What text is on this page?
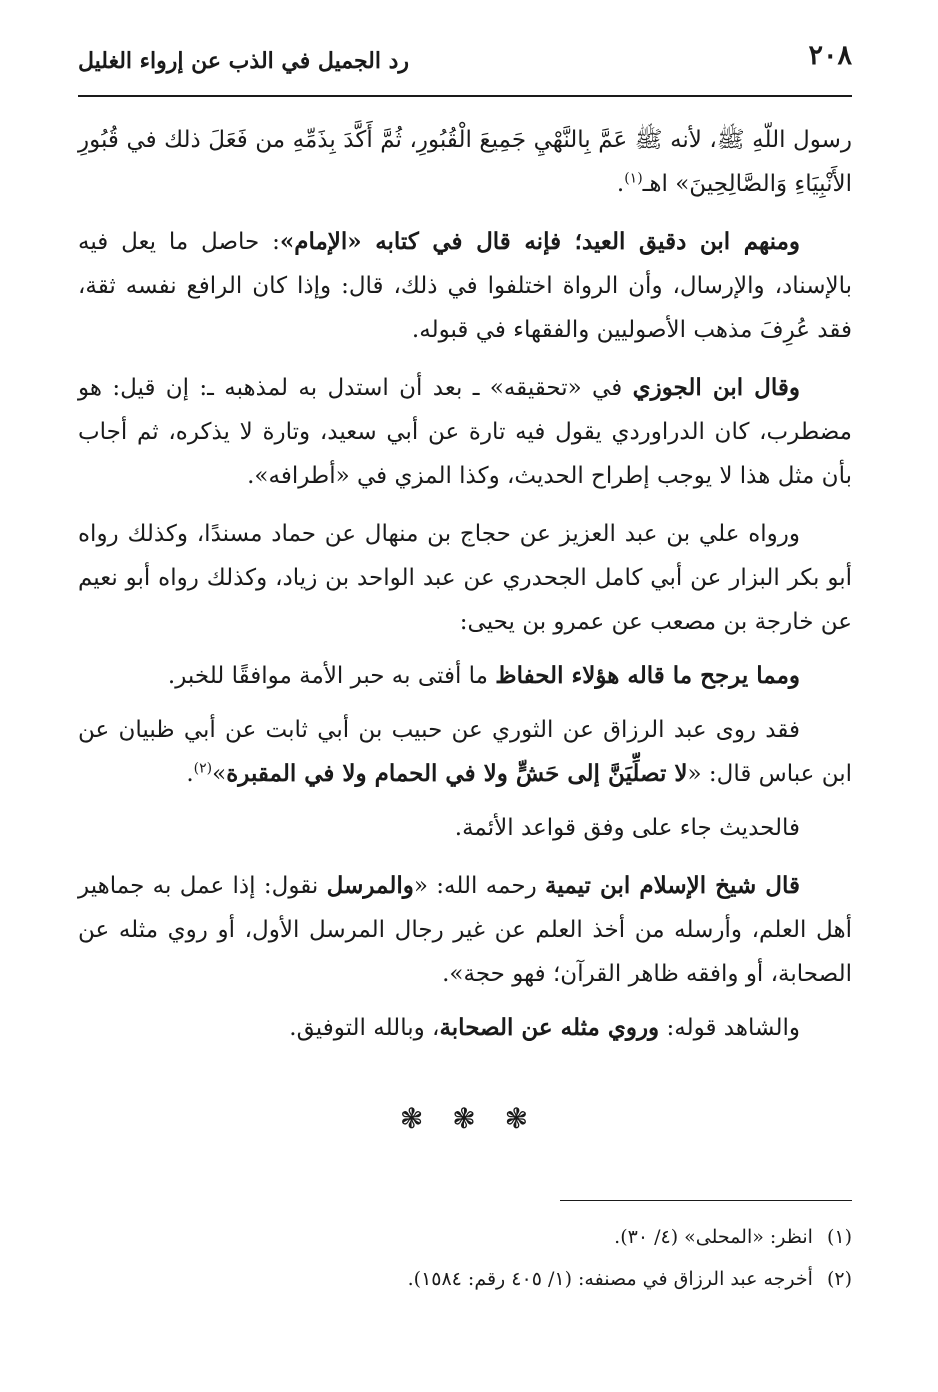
٢٠٨
رد الجميل في الذب عن إرواء الغليل

رسول اللّهِ ﷺ، لأنه ﷺ عَمَّ بِالنَّهْيِ جَمِيعَ الْقُبُورِ، ثُمَّ أَكَّدَ بِذَمِّهِ من فَعَلَ ذلك في قُبُورِ الأَنْبِيَاءِ وَالصَّالِحِينَ» اهـ$^{(١)}$.

ومنهم ابن دقيق العيد؛ فإنه قال في كتابه «الإمام»: حاصل ما يعل فيه بالإسناد، والإرسال، وأن الرواة اختلفوا في ذلك، قال: وإذا كان الرافع نفسه ثقة، فقد عُرِفَ مذهب الأصوليين والفقهاء في قبوله.

وقال ابن الجوزي في «تحقيقه» ـ بعد أن استدل به لمذهبه ـ: إن قيل: هو مضطرب، كان الدراوردي يقول فيه تارة عن أبي سعيد، وتارة لا يذكره، ثم أجاب بأن مثل هذا لا يوجب إطراح الحديث، وكذا المزي في «أطرافه».

ورواه علي بن عبد العزيز عن حجاج بن منهال عن حماد مسندًا، وكذلك رواه أبو بكر البزار عن أبي كامل الجحدري عن عبد الواحد بن زياد، وكذلك رواه أبو نعيم عن خارجة بن مصعب عن عمرو بن يحيى:

ومما يرجح ما قاله هؤلاء الحفاظ ما أفتى به حبر الأمة موافقًا للخبر.

فقد روى عبد الرزاق عن الثوري عن حبيب بن أبي ثابت عن أبي ظبيان عن ابن عباس قال: «لا تصلِّيَنَّ إلى حَشٍّ ولا في الحمام ولا في المقبرة»$^{(٢)}$.

فالحديث جاء على وفق قواعد الأئمة.

قال شيخ الإسلام ابن تيمية رحمه الله: «والمرسل نقول: إذا عمل به جماهير أهل العلم، وأرسله من أخذ العلم عن غير رجال المرسل الأول، أو روي مثله عن الصحابة، أو وافقه ظاهر القرآن؛ فهو حجة».

والشاهد قوله: وروي مثله عن الصحابة، وبالله التوفيق.

❃ ❃ ❃
(١)انظر: «المحلى» (٤/ ٣٠).
(٢)أخرجه عبد الرزاق في مصنفه: (١/ ٤٠٥ رقم: ١٥٨٤).
